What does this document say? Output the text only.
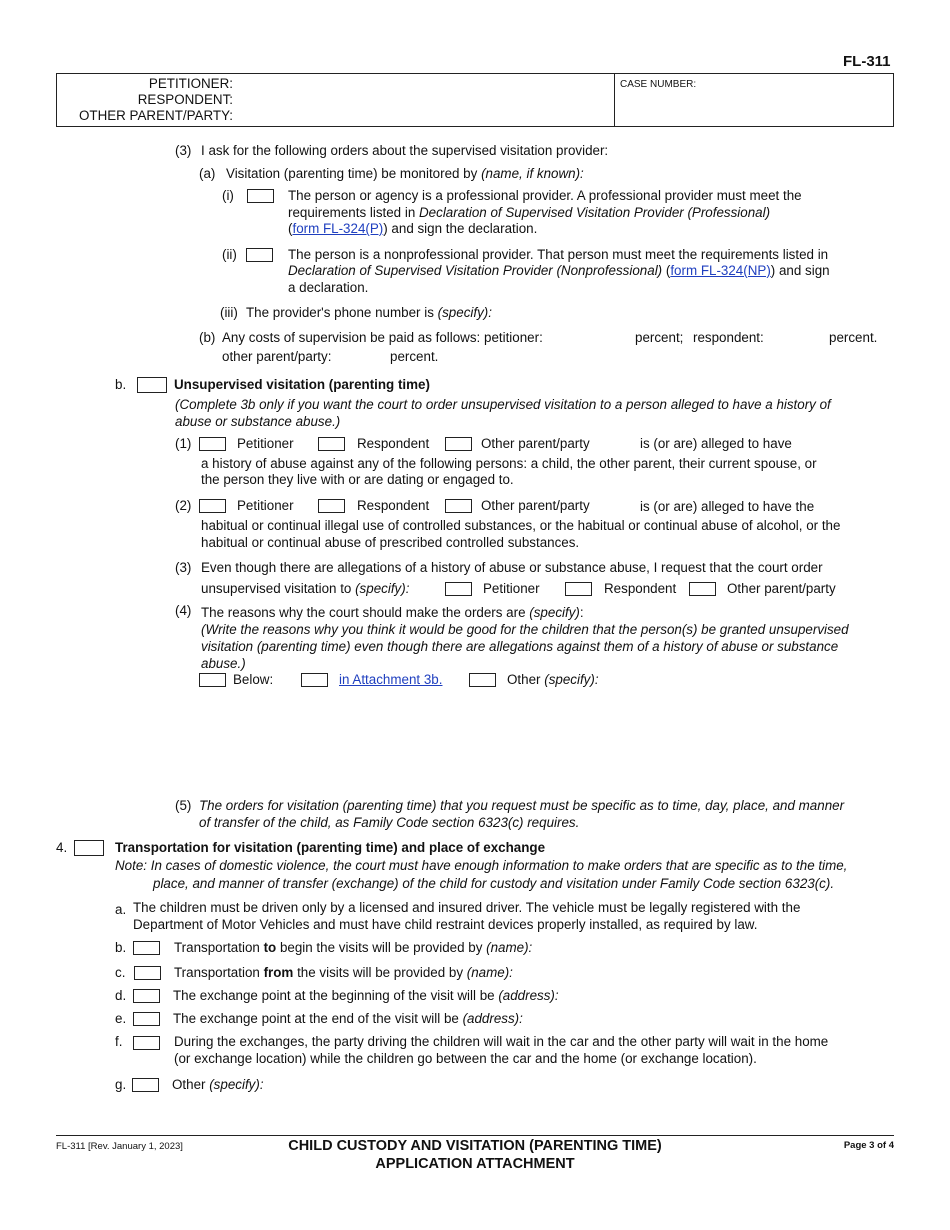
FL-311
PETITIONER:
RESPONDENT:
OTHER PARENT/PARTY:
CASE NUMBER:
(3) I ask for the following orders about the supervised visitation provider:
(a) Visitation (parenting time) be monitored by (name, if known):
(i)	The person or agency is a professional provider. A professional provider must meet the
requirements listed in Declaration of Supervised Visitation Provider (Professional)
(form FL-324(P)) and sign the declaration.
(ii)	The person is a nonprofessional provider. That person must meet the requirements listed in
Declaration of Supervised Visitation Provider (Nonprofessional) (form FL-324(NP)) and sign
a declaration.
(iii) The provider's phone number is (specify):
(b) Any costs of supervision be paid as follows: petitioner:	percent; respondent:	percent.
other parent/party:	percent.
b.	Unsupervised visitation (parenting time)
(Complete 3b only if you want the court to order unsupervised visitation to a person alleged to have a history of
abuse or substance abuse.)
(1)	Petitioner	Respondent	Other parent/party	is (or are) alleged to have
a history of abuse against any of the following persons: a child, the other parent, their current spouse, or
the person they live with or are dating or engaged to.
(2)	Petitioner	Respondent	Other parent/party	is (or are) alleged to have the
habitual or continual illegal use of controlled substances, or the habitual or continual abuse of alcohol, or the
habitual or continual abuse of prescribed controlled substances.
(3) Even though there are allegations of a history of abuse or substance abuse, I request that the court order
unsupervised visitation to (specify):	Petitioner	Respondent	Other parent/party
(4) The reasons why the court should make the orders are (specify):
(Write the reasons why you think it would be good for the children that the person(s) be granted unsupervised
visitation (parenting time) even though there are allegations against them of a history of abuse or substance
abuse.)
Below:	in Attachment 3b.	Other (specify):
(5) The orders for visitation (parenting time) that you request must be specific as to time, day, place, and manner
of transfer of the child, as Family Code section 6323(c) requires.
4.	Transportation for visitation (parenting time) and place of exchange
Note: In cases of domestic violence, the court must have enough information to make orders that are specific as to the time,
place, and manner of transfer (exchange) of the child for custody and visitation under Family Code section 6323(c).
a. The children must be driven only by a licensed and insured driver. The vehicle must be legally registered with the
Department of Motor Vehicles and must have child restraint devices properly installed, as required by law.
b.	Transportation to begin the visits will be provided by (name):
c.	Transportation from the visits will be provided by (name):
d.	The exchange point at the beginning of the visit will be (address):
e.	The exchange point at the end of the visit will be (address):
f.	During the exchanges, the party driving the children will wait in the car and the other party will wait in the home
(or exchange location) while the children go between the car and the home (or exchange location).
g.	Other (specify):
FL-311 [Rev. January 1, 2023]	CHILD CUSTODY AND VISITATION (PARENTING TIME)
APPLICATION ATTACHMENT
Page 3 of 4
